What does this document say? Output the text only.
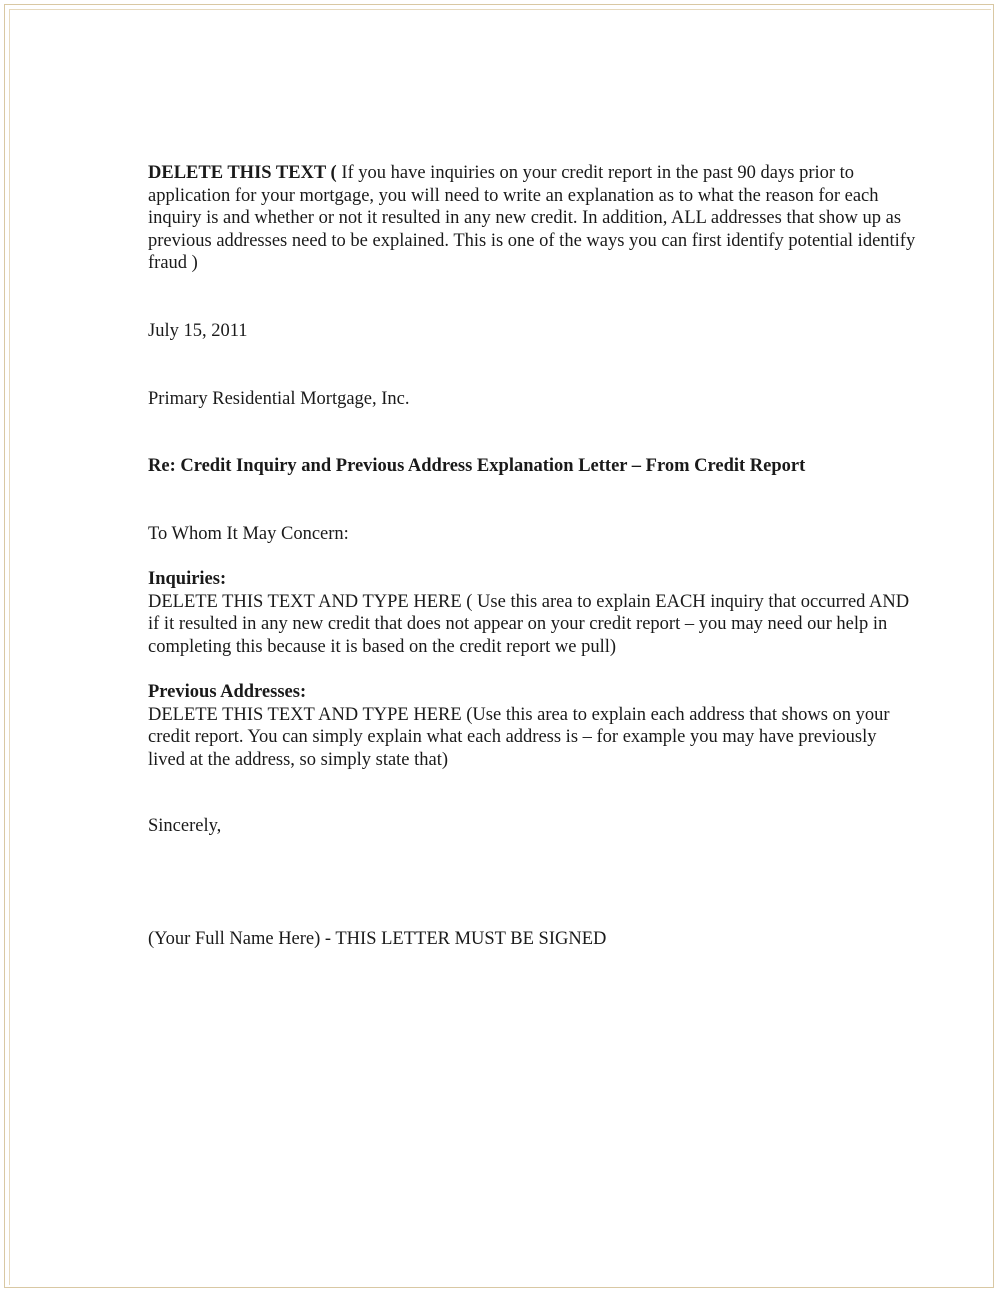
DELETE THIS TEXT ( If you have inquiries on your credit report in the past 90 days prior to application for your mortgage, you will need to write an explanation as to what the reason for each inquiry is and whether or not it resulted in any new credit. In addition, ALL addresses that show up as previous addresses need to be explained. This is one of the ways you can first identify potential identify fraud )

July 15, 2011

Primary Residential Mortgage, Inc.

Re: Credit Inquiry and Previous Address Explanation Letter – From Credit Report

To Whom It May Concern:

Inquiries:

DELETE THIS TEXT AND TYPE HERE ( Use this area to explain EACH inquiry that occurred AND if it resulted in any new credit that does not appear on your credit report – you may need our help in completing this because it is based on the credit report we pull)

Previous Addresses:

DELETE THIS TEXT AND TYPE HERE (Use this area to explain each address that shows on your credit report. You can simply explain what each address is – for example you may have previously lived at the address, so simply state that)

Sincerely,

(Your Full Name Here) - THIS LETTER MUST BE SIGNED
